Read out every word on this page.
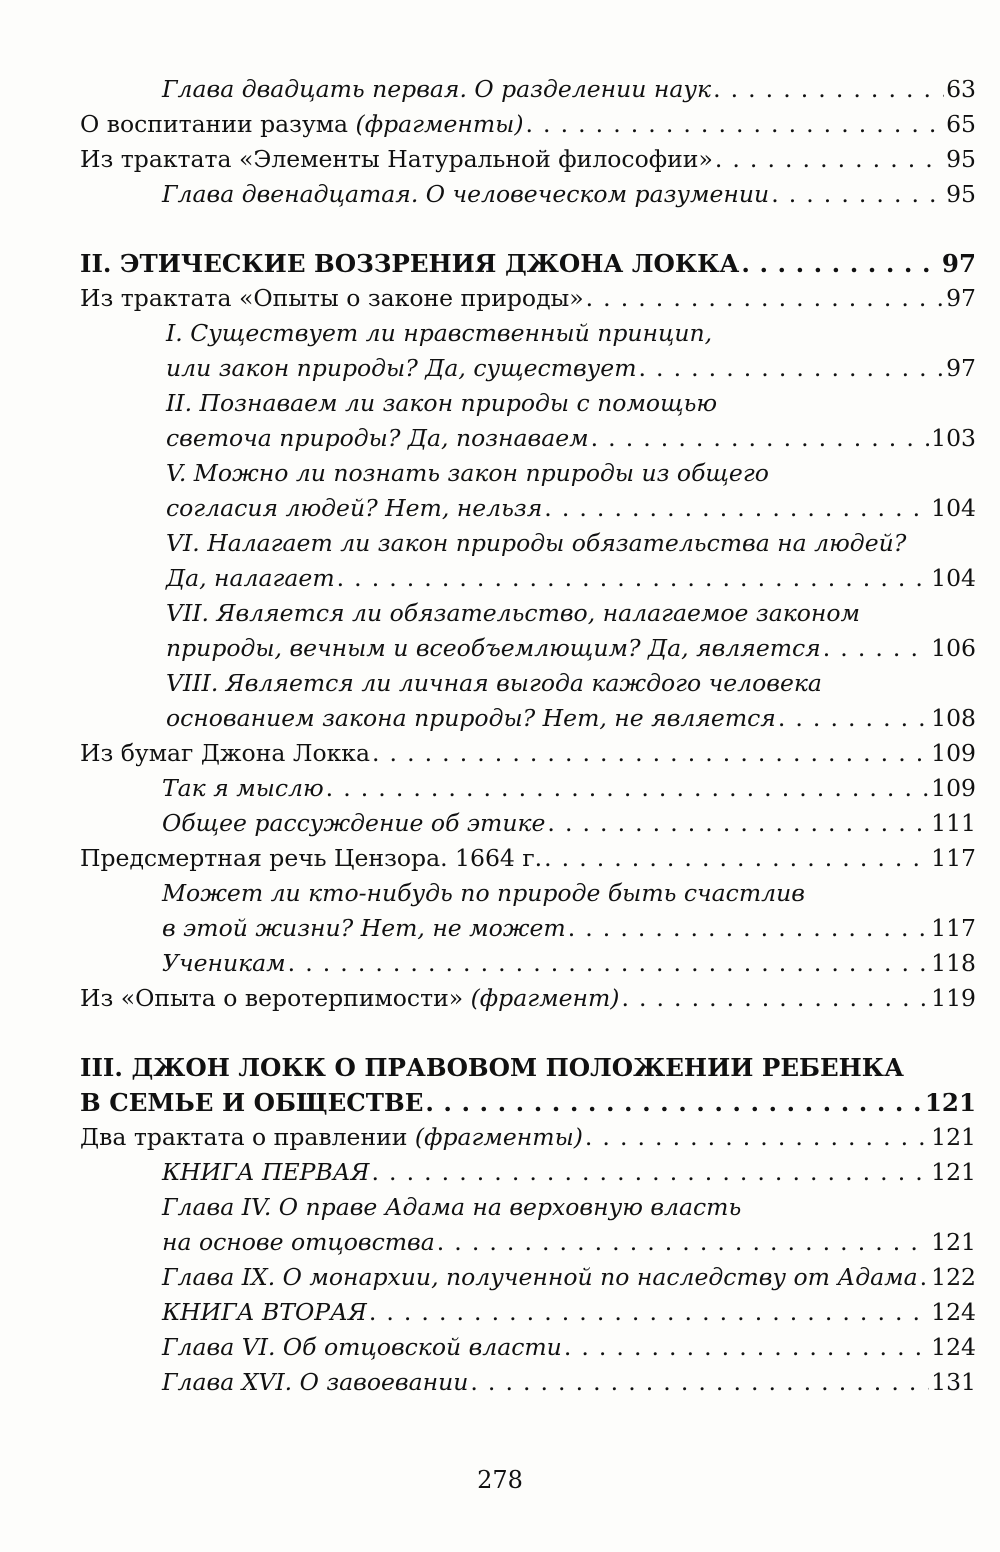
Глава двадцать первая. О разделении наук . . .	63
О воспитании разума (фрагменты) . . .	65
Из трактата «Элементы Натуральной философии» . . .	95
Глава двенадцатая. О человеческом разумении . . .	95
II. ЭТИЧЕСКИЕ ВОЗЗРЕНИЯ ДЖОНА ЛОККА . . .	97
Из трактата «Опыты о законе природы» . . .	97
I. Существует ли нравственный принцип,
или закон природы? Да, существует . . .	97
II. Познаваем ли закон природы с помощью
светоча природы? Да, познаваем . . .	103
V. Можно ли познать закон природы из общего
согласия людей? Нет, нельзя . . .	104
VI. Налагает ли закон природы обязательства на людей?
Да, налагает . . .	104
VII. Является ли обязательство, налагаемое законом
природы, вечным и всеобъемлющим? Да, является . . .	106
VIII. Является ли личная выгода каждого человека
основанием закона природы? Нет, не является . . .	108
Из бумаг Джона Локка . . .	109
Так я мыслю . . .	109
Общее рассуждение об этике . . .	111
Предсмертная речь Цензора. 1664 г. . . .	117
Может ли кто-нибудь по природе быть счастлив
в этой жизни? Нет, не может . . .	117
Ученикам . . .	118
Из «Опыта о веротерпимости» (фрагмент) . . .	119
III. ДЖОН ЛОКК О ПРАВОВОМ ПОЛОЖЕНИИ РЕБЕНКА
В СЕМЬЕ И ОБЩЕСТВЕ . . .	121
Два трактата о правлении (фрагменты) . . .	121
КНИГА ПЕРВАЯ . . .	121
Глава IV. О праве Адама на верховную власть
на основе отцовства . . .	121
Глава IX. О монархии, полученной по наследству от Адама . . . 122
КНИГА ВТОРАЯ . . .	124
Глава VI. Об отцовской власти . . .	124
Глава XVI. О завоевании . . .	131
278
